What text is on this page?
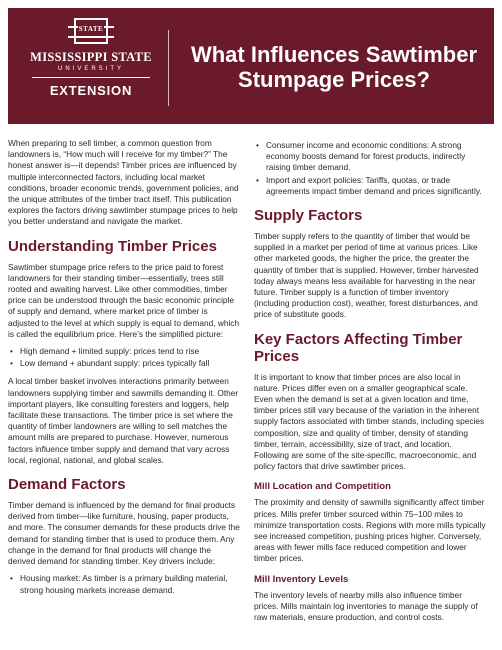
STATE
MISSISSIPPI STATE
UNIVERSITY
EXTENSION
What Influences Sawtimber
Stumpage Prices?

When preparing to sell timber, a common question from landowners is, “How much will I receive for my timber?” The honest answer is—it depends! Timber prices are influenced by multiple interconnected factors, including local market conditions, broader economic trends, government policies, and the unique attributes of the timber tract itself. This publication explores the factors driving sawtimber stumpage prices to help you better understand and navigate the market.

Understanding Timber Prices

Sawtimber stumpage price refers to the price paid to forest landowners for their standing timber—essentially, trees still rooted and awaiting harvest. Like other commodities, timber price can be understood through the basic economic principle of supply and demand, where market price of timber is adjusted to the level at which supply is equal to demand, which is called the equilibrium price. Here’s the simplified picture:

• High demand + limited supply: prices tend to rise
• Low demand + abundant supply: prices typically fall

A local timber basket involves interactions primarily between landowners supplying timber and sawmills demanding it. Other important players, like consulting foresters and loggers, help facilitate these transactions. The timber price is set where the quantity of timber landowners are willing to sell matches the amount mills are prepared to purchase. However, numerous factors influence timber supply and demand that vary across local, regional, national, and global scales.

Demand Factors

Timber demand is influenced by the demand for final products derived from timber—like furniture, housing, paper products, and more. The consumer demands for these products drive the demand for standing timber that is used to produce them. Any change in the demand for final products will change the derived demand for standing timber. Key drivers include:

• Housing market: As timber is a primary building material, strong housing markets increase demand.
• Consumer income and economic conditions: A strong economy boosts demand for forest products, indirectly raising timber demand.
• Import and export policies: Tariffs, quotas, or trade agreements impact timber demand and prices significantly.
Supply Factors

Timber supply refers to the quantity of timber that would be supplied in a market per period of time at various prices. Like other marketed goods, the higher the price, the greater the quantity of timber that is supplied. However, timber harvested today always means less available for harvesting in the near future. Timber supply is a function of timber inventory (including production cost), weather, forest disturbances, and price of substitute goods.

Key Factors Affecting Timber Prices

It is important to know that timber prices are also local in nature. Prices differ even on a smaller geographical scale. Even when the demand is set at a given location and time, timber prices still vary because of the variation in the inherent supply factors associated with timber stands, including species composition, size and quality of timber, density of standing timber, terrain, accessibility, size of tract, and location. Following are some of the site-specific, macroeconomic, and policy factors that drive sawtimber prices.

Mill Location and Competition

The proximity and density of sawmills significantly affect timber prices. Mills prefer timber sourced within 75–100 miles to minimize transportation costs. Regions with more mills typically see increased competition, pushing prices higher. Conversely, areas with fewer mills face reduced competition and lower timber prices.

Mill Inventory Levels

The inventory levels of nearby mills also influence timber prices. Mills maintain log inventories to manage the supply of raw materials, ensure production, and control costs.
